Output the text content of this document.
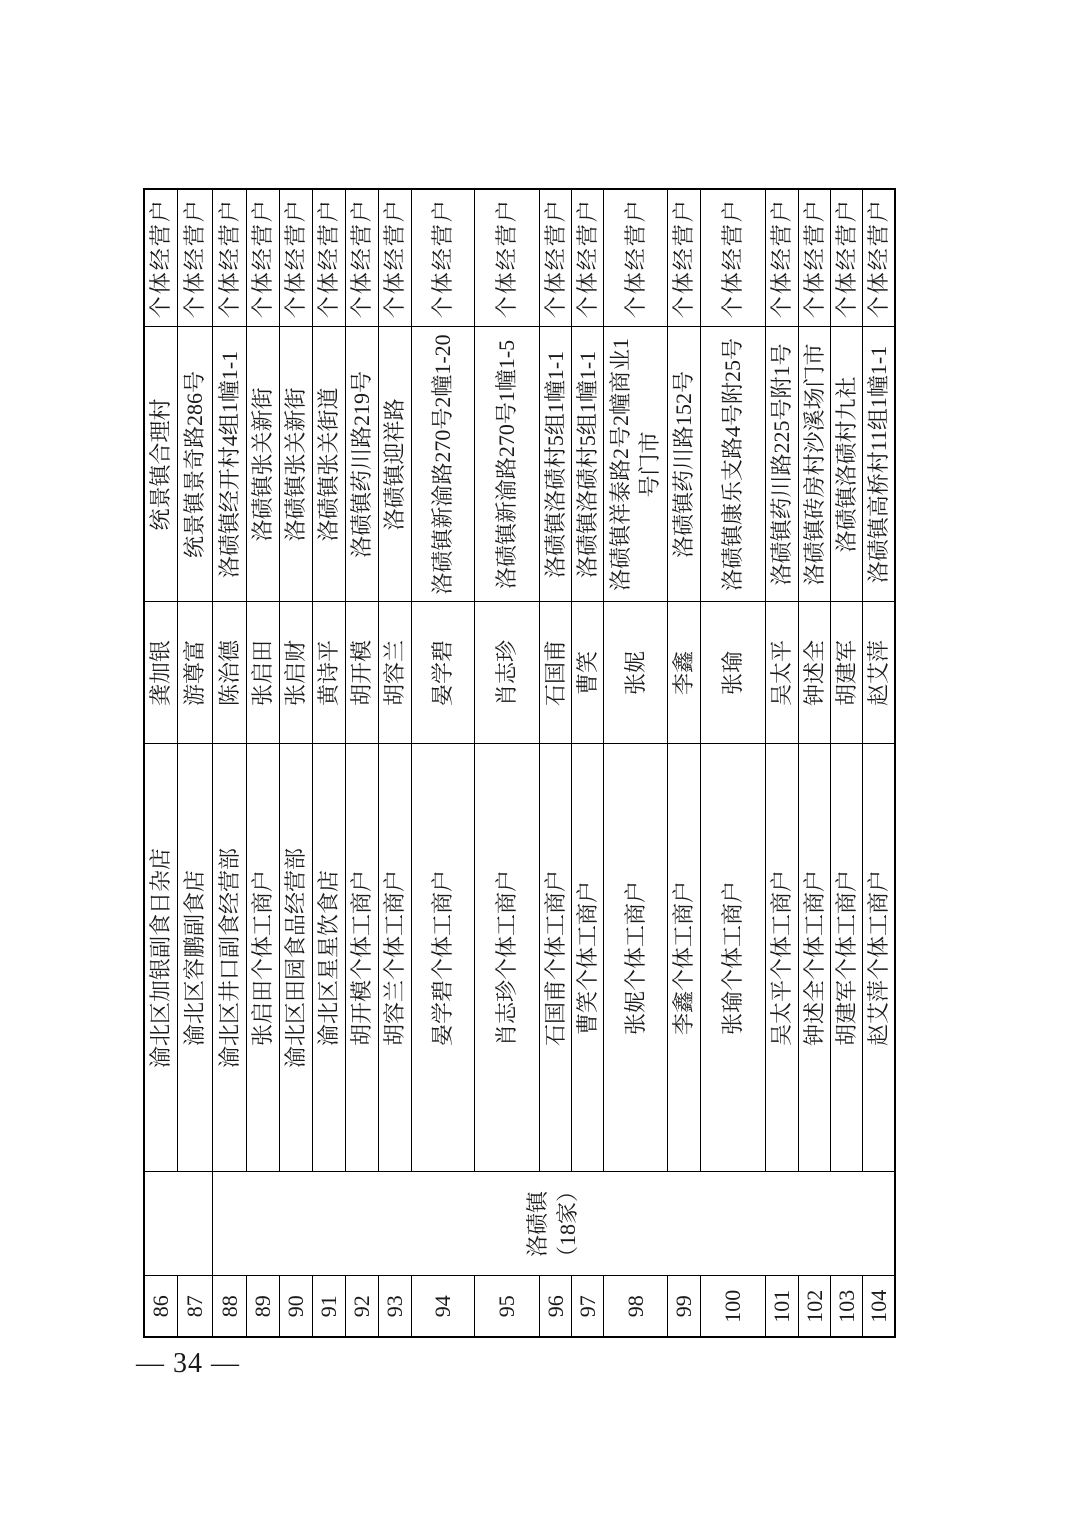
86		渝北区加银副食日杂店	龚加银	统景镇合理村	个体经营户
87		渝北区容鹏副食店	游尊富	统景镇景奇路286号	个体经营户
88	洛碛镇 （18家）	渝北区井口副食经营部	陈治德	洛碛镇经开村4组1幢1-1	个体经营户
89		张启田个体工商户	张启田	洛碛镇张关新街	个体经营户
90		渝北区田园食品经营部	张启财	洛碛镇张关新街	个体经营户
91		渝北区星星饮食店	黄诗平	洛碛镇张关街道	个体经营户
92		胡开模个体工商户	胡开模	洛碛镇药川路219号	个体经营户
93		胡容兰个体工商户	胡容兰	洛碛镇迎祥路	个体经营户
94		晏学碧个体工商户	晏学碧	洛碛镇新渝路270号2幢1-20	个体经营户
95		肖志珍个体工商户	肖志珍	洛碛镇新渝路270号1幢1-5	个体经营户
96		石国甫个体工商户	石国甫	洛碛镇洛碛村5组1幢1-1	个体经营户
97		曹笑个体工商户	曹笑	洛碛镇洛碛村5组1幢1-1	个体经营户
98		张妮个体工商户	张妮	洛碛镇祥泰路2号2幢商业1号门市	个体经营户
99		李鑫个体工商户	李鑫	洛碛镇药川路152号	个体经营户
100		张瑜个体工商户	张瑜	洛碛镇康乐支路4号附25号	个体经营户
101		吴太平个体工商户	吴太平	洛碛镇药川路225号附1号	个体经营户
102		钟述全个体工商户	钟述全	洛碛镇砖房村沙溪场门市	个体经营户
103		胡建军个体工商户	胡建军	洛碛镇洛碛村九社	个体经营户
104		赵艾萍个体工商户	赵艾萍	洛碛镇高桥村11组1幢1-1	个体经营户
— 34 —
